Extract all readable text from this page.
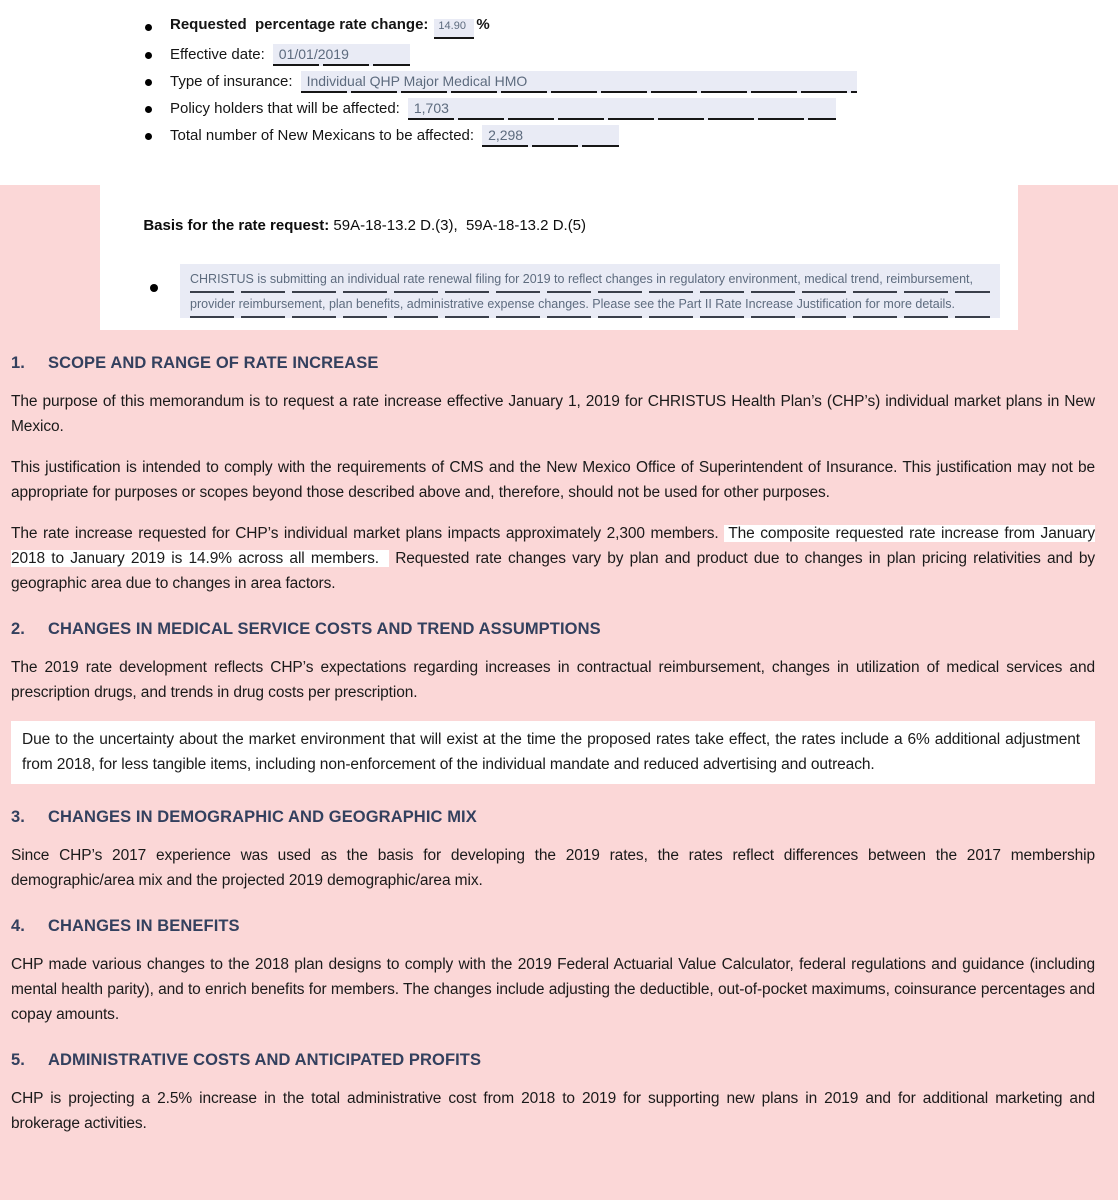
Requested  percentage rate change: 14.90 %
Effective date:	01/01/2019
Type of insurance:	Individual QHP Major Medical HMO
Policy holders that will be affected:	1,703
Total number of New Mexicans to be affected:	2,298

Basis for the rate request: 59A-18-13.2 D.(3),  59A-18-13.2 D.(5)

CHRISTUS is submitting an individual rate renewal filing for 2019 to reflect changes in regulatory environment, medical trend, reimbursement,
provider reimbursement, plan benefits, administrative expense changes. Please see the Part II Rate Increase Justification for more details.
1.	SCOPE AND RANGE OF RATE INCREASE

The purpose of this memorandum is to request a rate increase effective January 1, 2019 for CHRISTUS Health Plan’s (CHP’s) individual market plans in New Mexico.

This justification is intended to comply with the requirements of CMS and the New Mexico Office of Superintendent of Insurance. This justification may not be appropriate for purposes or scopes beyond those described above and, therefore, should not be used for other purposes.

The rate increase requested for CHP’s individual market plans impacts approximately 2,300 members. The composite requested rate increase from January 2018 to January 2019 is 14.9% across all members. Requested rate changes vary by plan and product due to changes in plan pricing relativities and by geographic area due to changes in area factors.

2.	CHANGES IN MEDICAL SERVICE COSTS AND TREND ASSUMPTIONS

The 2019 rate development reflects CHP’s expectations regarding increases in contractual reimbursement, changes in utilization of medical services and prescription drugs, and trends in drug costs per prescription.

Due to the uncertainty about the market environment that will exist at the time the proposed rates take effect, the rates include a 6% additional adjustment from 2018, for less tangible items, including non-enforcement of the individual mandate and reduced advertising and outreach.

3.	CHANGES IN DEMOGRAPHIC AND GEOGRAPHIC MIX

Since CHP’s 2017 experience was used as the basis for developing the 2019 rates, the rates reflect differences between the 2017 membership demographic/area mix and the projected 2019 demographic/area mix.

4.	CHANGES IN BENEFITS

CHP made various changes to the 2018 plan designs to comply with the 2019 Federal Actuarial Value Calculator, federal regulations and guidance (including mental health parity), and to enrich benefits for members. The changes include adjusting the deductible, out-of-pocket maximums, coinsurance percentages and copay amounts.

5.	ADMINISTRATIVE COSTS AND ANTICIPATED PROFITS

CHP is projecting a 2.5% increase in the total administrative cost from 2018 to 2019 for supporting new plans in 2019 and for additional marketing and brokerage activities.
